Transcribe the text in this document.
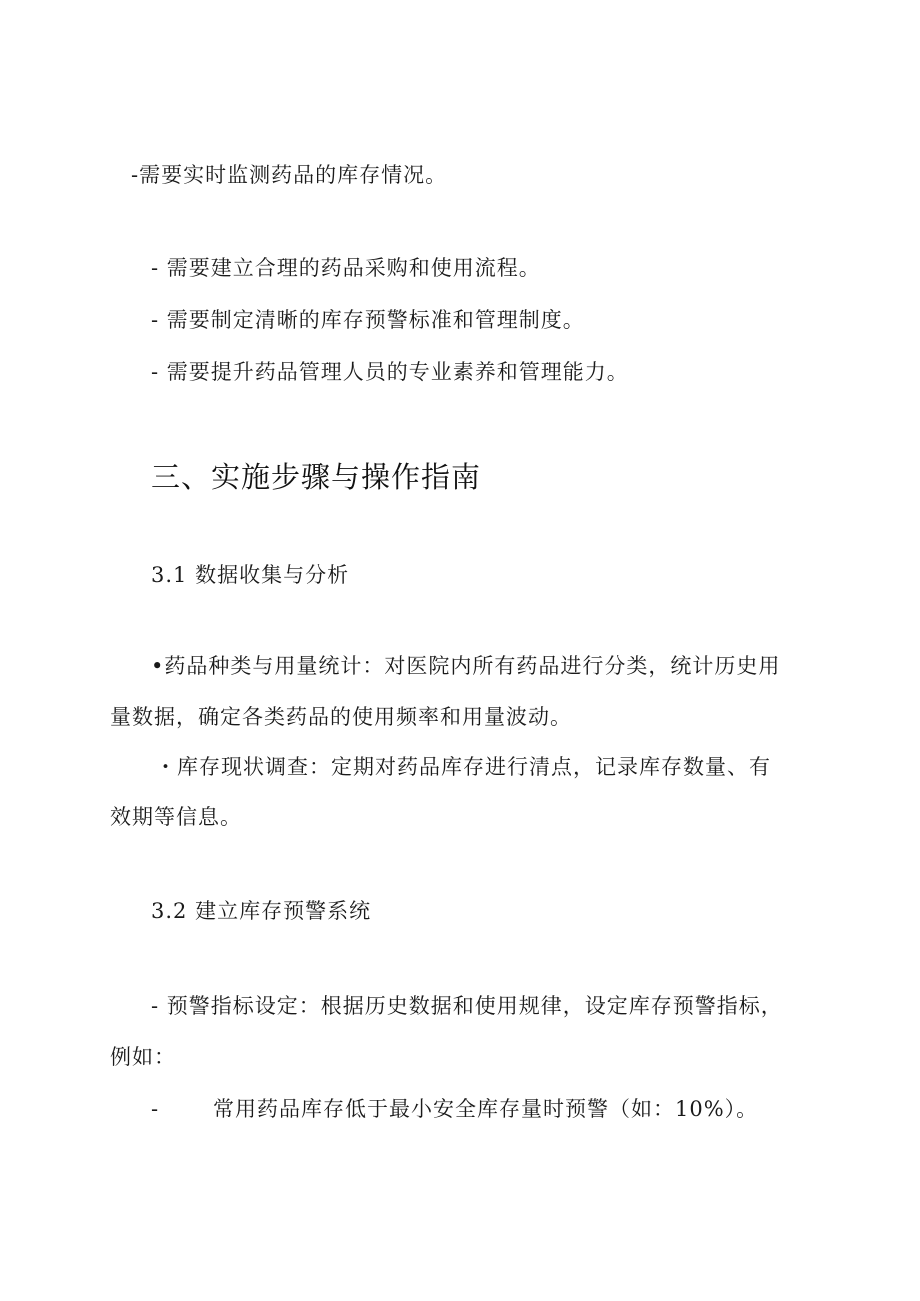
-需要实时监测药品的库存情况。
- 需要建立合理的药品采购和使用流程。
- 需要制定清晰的库存预警标准和管理制度。
- 需要提升药品管理人员的专业素养和管理能力。
三、实施步骤与操作指南
3.1 数据收集与分析
•药品种类与用量统计：对医院内所有药品进行分类，统计历史用
量数据，确定各类药品的使用频率和用量波动。
・库存现状调查：定期对药品库存进行清点，记录库存数量、有
效期等信息。
3.2 建立库存预警系统
- 预警指标设定：根据历史数据和使用规律，设定库存预警指标，
例如：
-	常用药品库存低于最小安全库存量时预警（如：10%）。
